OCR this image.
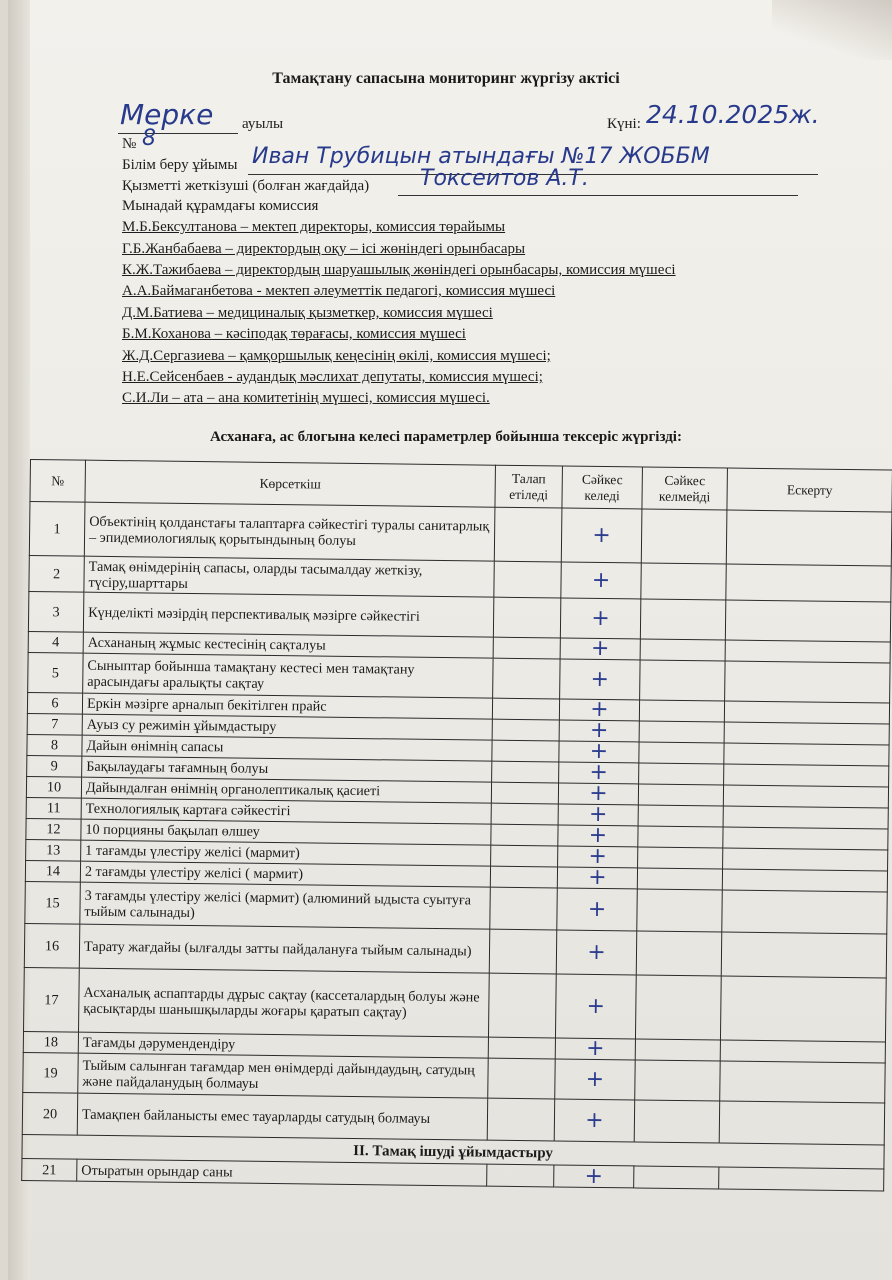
Тамақтану сапасына мониторинг жүргізу актісі
Мерке ауылы	Күні: 24.10.2025ж.
№ 8
Білім беру ұйымы Иван Трубицын атындағы №17 ЖОББМ
Қызметті жеткізуші (болған жағдайда) Токсеитов А.Т.
Мынадай құрамдағы комиссия
М.Б.Бексултанова – мектеп директоры, комиссия төрайымы
Г.Б.Жанбабаева – директордың оқу – ісі жөніндегі орынбасары
К.Ж.Тажибаева – директордың шаруашылық жөніндегі орынбасары, комиссия мүшесі
А.А.Баймаганбетова - мектеп әлеуметтік педагогі, комиссия мүшесі
Д.М.Батиева – медициналық қызметкер, комиссия мүшесі
Б.М.Коханова – кәсіподақ төрағасы, комиссия мүшесі
Ж.Д.Сергазиева – қамқоршылық кеңесінің өкілі, комиссия мүшесі;
Н.Е.Сейсенбаев - аудандық мәслихат депутаты, комиссия мүшесі;
С.И.Ли – ата – ана комитетінің мүшесі, комиссия мүшесі.
Асханаға, ас блогына келесі параметрлер бойынша тексеріс жүргізді:
№	Көрсеткіш	Талап етіледі	Сәйкес келеді	Сәйкес келмейді	Ескерту
1	Объектінің қолданстағы талаптарға сәйкестігі туралы санитарлық – эпидемиологиялық қорытындының болуы		+		
2	Тамақ өнімдерінің сапасы, оларды тасымалдау жеткізу, түсіру,шарттары		+		
3	Күнделікті мәзірдің перспективалық мәзірге сәйкестігі		+		
4	Асхананың жұмыс кестесінің сақталуы		+		
5	Сыныптар бойынша тамақтану кестесі мен тамақтану арасындағы аралықты сақтау		+		
6	Еркін мәзірге арналып бекітілген прайс		+		
7	Ауыз су режимін ұйымдастыру		+		
8	Дайын өнімнің сапасы		+		
9	Бақылаудағы тағамның болуы		+		
10	Дайындалған өнімнің органолептикалық қасиеті		+		
11	Технологиялық картаға сәйкестігі		+		
12	10 порцияны бақылап өлшеу		+		
13	1 тағамды үлестіру желісі (мармит)		+		
14	2 тағамды үлестіру желісі ( мармит)		+		
15	3 тағамды үлестіру желісі (мармит) (алюминий ыдыста суытуға тыйым салынады)		+		
16	Тарату жағдайы (ылғалды затты пайдалануға тыйым салынады)		+		
17	Асханалық аспаптарды дұрыс сақтау (кассеталардың болуы және қасықтарды шанышқыларды жоғары қаратып сақтау)		+		
18	Тағамды дәрумендендіру		+		
19	Тыйым салынған тағамдар мен өнімдерді дайындаудың, сатудың және пайдаланудың болмауы		+		
20	Тамақпен байланысты емес тауарларды сатудың болмауы		+		
II. Тамақ ішуді ұйымдастыру					
21	Отыратын орындар саны		+		
